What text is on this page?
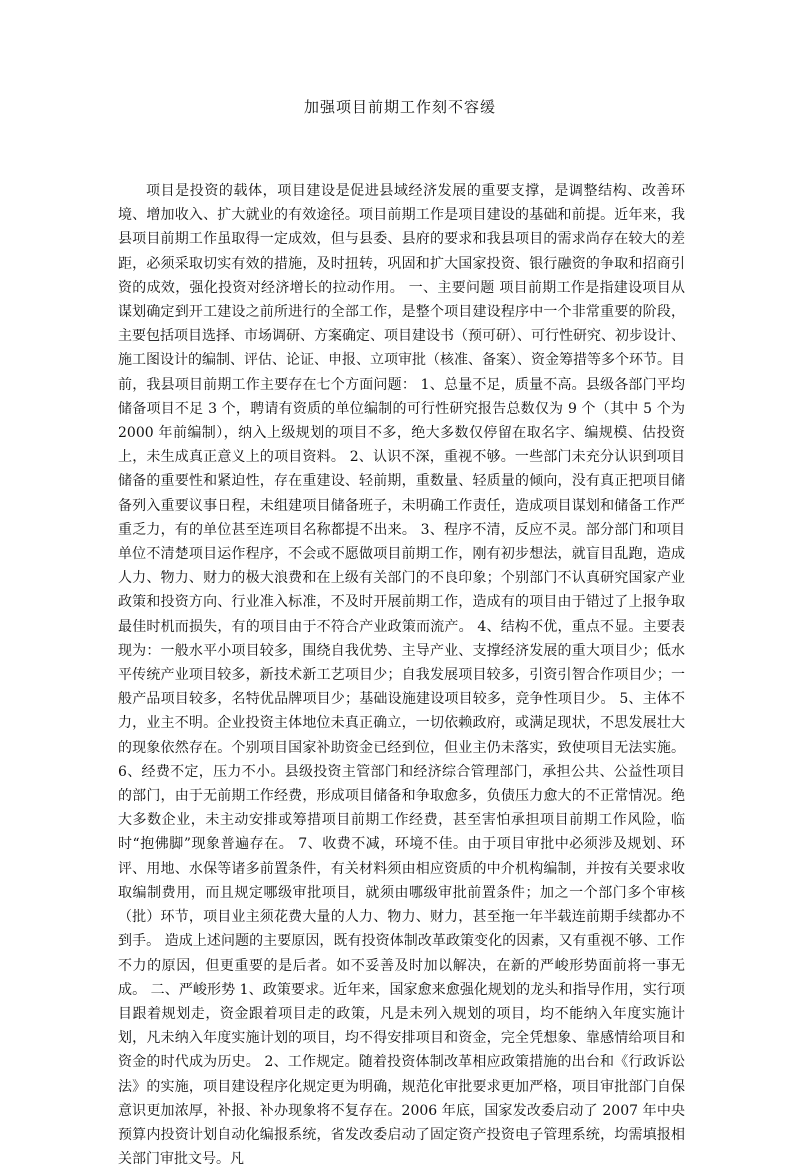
加强项目前期工作刻不容缓

项目是投资的载体，项目建设是促进县域经济发展的重要支撑，是调整结构、改善环境、增加收入、扩大就业的有效途径。项目前期工作是项目建设的基础和前提。近年来，我县项目前期工作虽取得一定成效，但与县委、县府的要求和我县项目的需求尚存在较大的差距，必须采取切实有效的措施，及时扭转，巩固和扩大国家投资、银行融资的争取和招商引资的成效，强化投资对经济增长的拉动作用。 一、主要问题 项目前期工作是指建设项目从谋划确定到开工建设之前所进行的全部工作，是整个项目建设程序中一个非常重要的阶段，主要包括项目选择、市场调研、方案确定、项目建设书（预可研）、可行性研究、初步设计、施工图设计的编制、评估、论证、申报、立项审批（核准、备案）、资金筹措等多个环节。目前，我县项目前期工作主要存在七个方面问题： 1、总量不足，质量不高。县级各部门平均储备项目不足 3 个，聘请有资质的单位编制的可行性研究报告总数仅为 9 个（其中 5 个为 2000 年前编制），纳入上级规划的项目不多，绝大多数仅停留在取名字、编规模、估投资上，未生成真正意义上的项目资料。 2、认识不深，重视不够。一些部门未充分认识到项目储备的重要性和紧迫性，存在重建设、轻前期，重数量、轻质量的倾向，没有真正把项目储备列入重要议事日程，未组建项目储备班子，未明确工作责任，造成项目谋划和储备工作严重乏力，有的单位甚至连项目名称都提不出来。 3、程序不清，反应不灵。部分部门和项目单位不清楚项目运作程序，不会或不愿做项目前期工作，刚有初步想法，就盲目乱跑，造成人力、物力、财力的极大浪费和在上级有关部门的不良印象；个别部门不认真研究国家产业政策和投资方向、行业准入标准，不及时开展前期工作，造成有的项目由于错过了上报争取最佳时机而损失，有的项目由于不符合产业政策而流产。 4、结构不优，重点不显。主要表现为：一般水平小项目较多，围绕自我优势、主导产业、支撑经济发展的重大项目少；低水平传统产业项目较多，新技术新工艺项目少；自我发展项目较多，引资引智合作项目少；一般产品项目较多，名特优品牌项目少；基础设施建设项目较多，竞争性项目少。 5、主体不力，业主不明。企业投资主体地位未真正确立，一切依赖政府，或满足现状，不思发展壮大的现象依然存在。个别项目国家补助资金已经到位，但业主仍未落实，致使项目无法实施。 6、经费不定，压力不小。县级投资主管部门和经济综合管理部门，承担公共、公益性项目的部门，由于无前期工作经费，形成项目储备和争取愈多，负债压力愈大的不正常情况。绝大多数企业，未主动安排或筹措项目前期工作经费，甚至害怕承担项目前期工作风险，临时“抱佛脚”现象普遍存在。 7、收费不减，环境不佳。由于项目审批中必须涉及规划、环评、用地、水保等诸多前置条件，有关材料须由相应资质的中介机构编制，并按有关要求收取编制费用，而且规定哪级审批项目，就须由哪级审批前置条件；加之一个部门多个审核（批）环节，项目业主须花费大量的人力、物力、财力，甚至拖一年半载连前期手续都办不到手。 造成上述问题的主要原因，既有投资体制改革政策变化的因素，又有重视不够、工作不力的原因，但更重要的是后者。如不妥善及时加以解决，在新的严峻形势面前将一事无成。 二、严峻形势 1、政策要求。近年来，国家愈来愈强化规划的龙头和指导作用，实行项目跟着规划走，资金跟着项目走的政策，凡是未列入规划的项目，均不能纳入年度实施计划，凡未纳入年度实施计划的项目，均不得安排项目和资金，完全凭想象、靠感情给项目和资金的时代成为历史。 2、工作规定。随着投资体制改革相应政策措施的出台和《行政诉讼法》的实施，项目建设程序化规定更为明确，规范化审批要求更加严格，项目审批部门自保意识更加浓厚，补报、补办现象将不复存在。2006 年底，国家发改委启动了 2007 年中央预算内投资计划自动化编报系统，省发改委启动了固定资产投资电子管理系统，均需填报相关部门审批文号。凡
